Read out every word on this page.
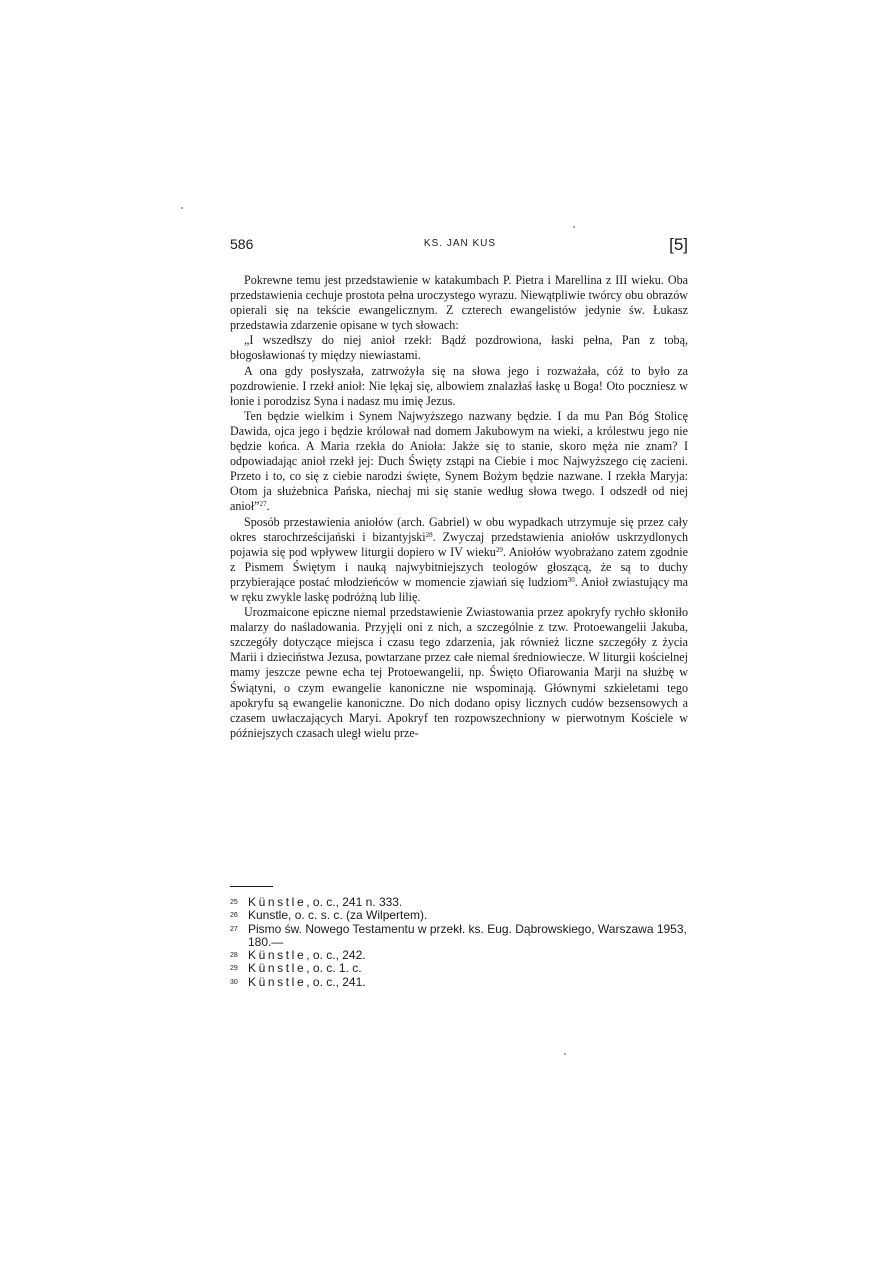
586	KS. JAN KUS	[5]

Pokrewne temu jest przedstawienie w katakumbach P. Pietra i Marellina z III wieku. Oba przedstawienia cechuje prostota pełna uroczystego wyrazu. Niewątpliwie twórcy obu obrazów opierali się na tekście ewangelicznym. Z czterech ewangelistów jedynie św. Łukasz przedstawia zdarzenie opisane w tych słowach:

„I wszedłszy do niej anioł rzekł: Bądź pozdrowiona, łaski pełna, Pan z tobą, błogosławionaś ty między niewiastami.

A ona gdy posłyszała, zatrwożyła się na słowa jego i rozważała, cóż to było za pozdrowienie. I rzekł anioł: Nie lękaj się, albowiem znalazłaś łaskę u Boga! Oto poczniesz w łonie i porodzisz Syna i nadasz mu imię Jezus.

Ten będzie wielkim i Synem Najwyższego nazwany będzie. I da mu Pan Bóg Stolicę Dawida, ojca jego i będzie królował nad domem Jakubowym na wieki, a królestwu jego nie będzie końca. A Maria rzekła do Anioła: Jakże się to stanie, skoro męża nie znam? I odpowiadając anioł rzekł jej: Duch Święty zstąpi na Ciebie i moc Najwyższego cię zacieni. Przeto i to, co się z ciebie narodzi święte, Synem Bożym będzie nazwane. I rzekła Maryja: Otom ja służebnica Pańska, niechaj mi się stanie według słowa twego. I odszedł od niej anioł”$^{27}$.

Sposób przestawienia aniołów (arch. Gabriel) w obu wypadkach utrzymuje się przez cały okres starochrześcijański i bizantyjski$^{28}$. Zwyczaj przedstawienia aniołów uskrzydlonych pojawia się pod wpływew liturgii dopiero w IV wieku$^{29}$. Aniołów wyobrażano zatem zgodnie z Pismem Świętym i nauką najwybitniejszych teologów głoszącą, że są to duchy przybierające postać młodzieńców w momencie zjawiań się ludziom$^{30}$. Anioł zwiastujący ma w ręku zwykle laskę podróżną lub lilię.

Urozmaicone epiczne niemal przedstawienie Zwiastowania przez apokryfy rychło skłoniło malarzy do naśladowania. Przyjęli oni z nich, a szczególnie z tzw. Protoewangelii Jakuba, szczegóły dotyczące miejsca i czasu tego zdarzenia, jak również liczne szczegóły z życia Marii i dzieciństwa Jezusa, powtarzane przez całe niemal średniowiecze. W liturgii kościelnej mamy jeszcze pewne echa tej Protoewangelii, np. Święto Ofiarowania Marji na służbę w Świątyni, o czym ewangelie kanoniczne nie wspominają. Głównymi szkieletami tego apokryfu są ewangelie kanoniczne. Do nich dodano opisy licznych cudów bezsensowych a czasem uwłaczających Maryi. Apokryf ten rozpowszechniony w pierwotnym Kościele w późniejszych czasach uległ wielu prze-

25 Künstle, o. c., 241 n. 333.
26 Kunstle, o. c. s. c. (za Wilpertem).
27 Pismo św. Nowego Testamentu w przekł. ks. Eug. Dąbrowskiego, Warszawa 1953, 180.—
28 Künstle, o. c., 242.
29 Künstle, o. c. 1. c.
30 Künstle, o. c., 241.
